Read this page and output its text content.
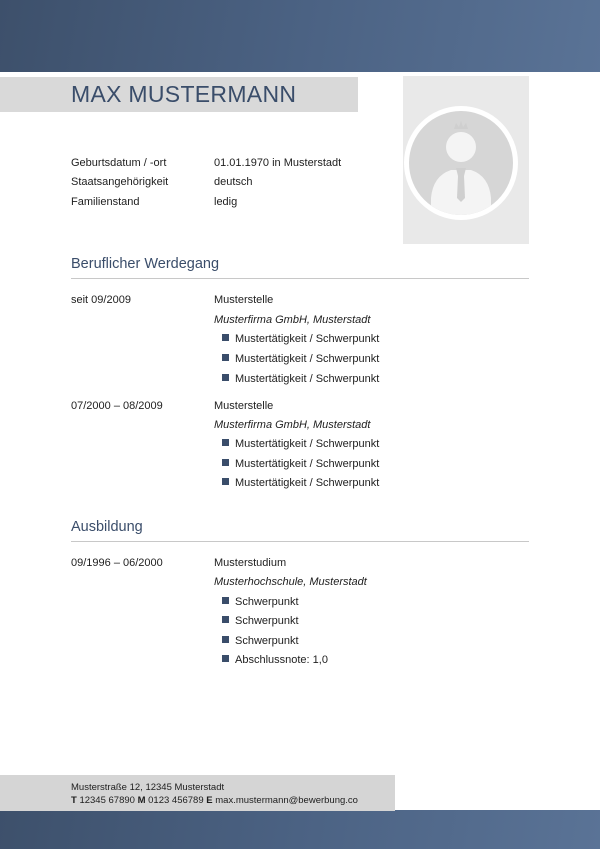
MAX MUSTERMANN
Geburtsdatum / -ort	01.01.1970 in Musterstadt
Staatsangehörigkeit	deutsch
Familienstand	ledig
Beruflicher Werdegang
seit 09/2009	Musterstelle
Musterfirma GmbH, Musterstadt
Mustertätigkeit / Schwerpunkt
Mustertätigkeit / Schwerpunkt
Mustertätigkeit / Schwerpunkt
07/2000 – 08/2009	Musterstelle
Musterfirma GmbH, Musterstadt
Mustertätigkeit / Schwerpunkt
Mustertätigkeit / Schwerpunkt
Mustertätigkeit / Schwerpunkt
Ausbildung
09/1996 – 06/2000	Musterstudium
Musterhochschule, Musterstadt
Schwerpunkt
Schwerpunkt
Schwerpunkt
Abschlussnote: 1,0
Musterstraße 12, 12345 Musterstadt
T 12345 67890 M 0123 456789 E max.mustermann@bewerbung.co
